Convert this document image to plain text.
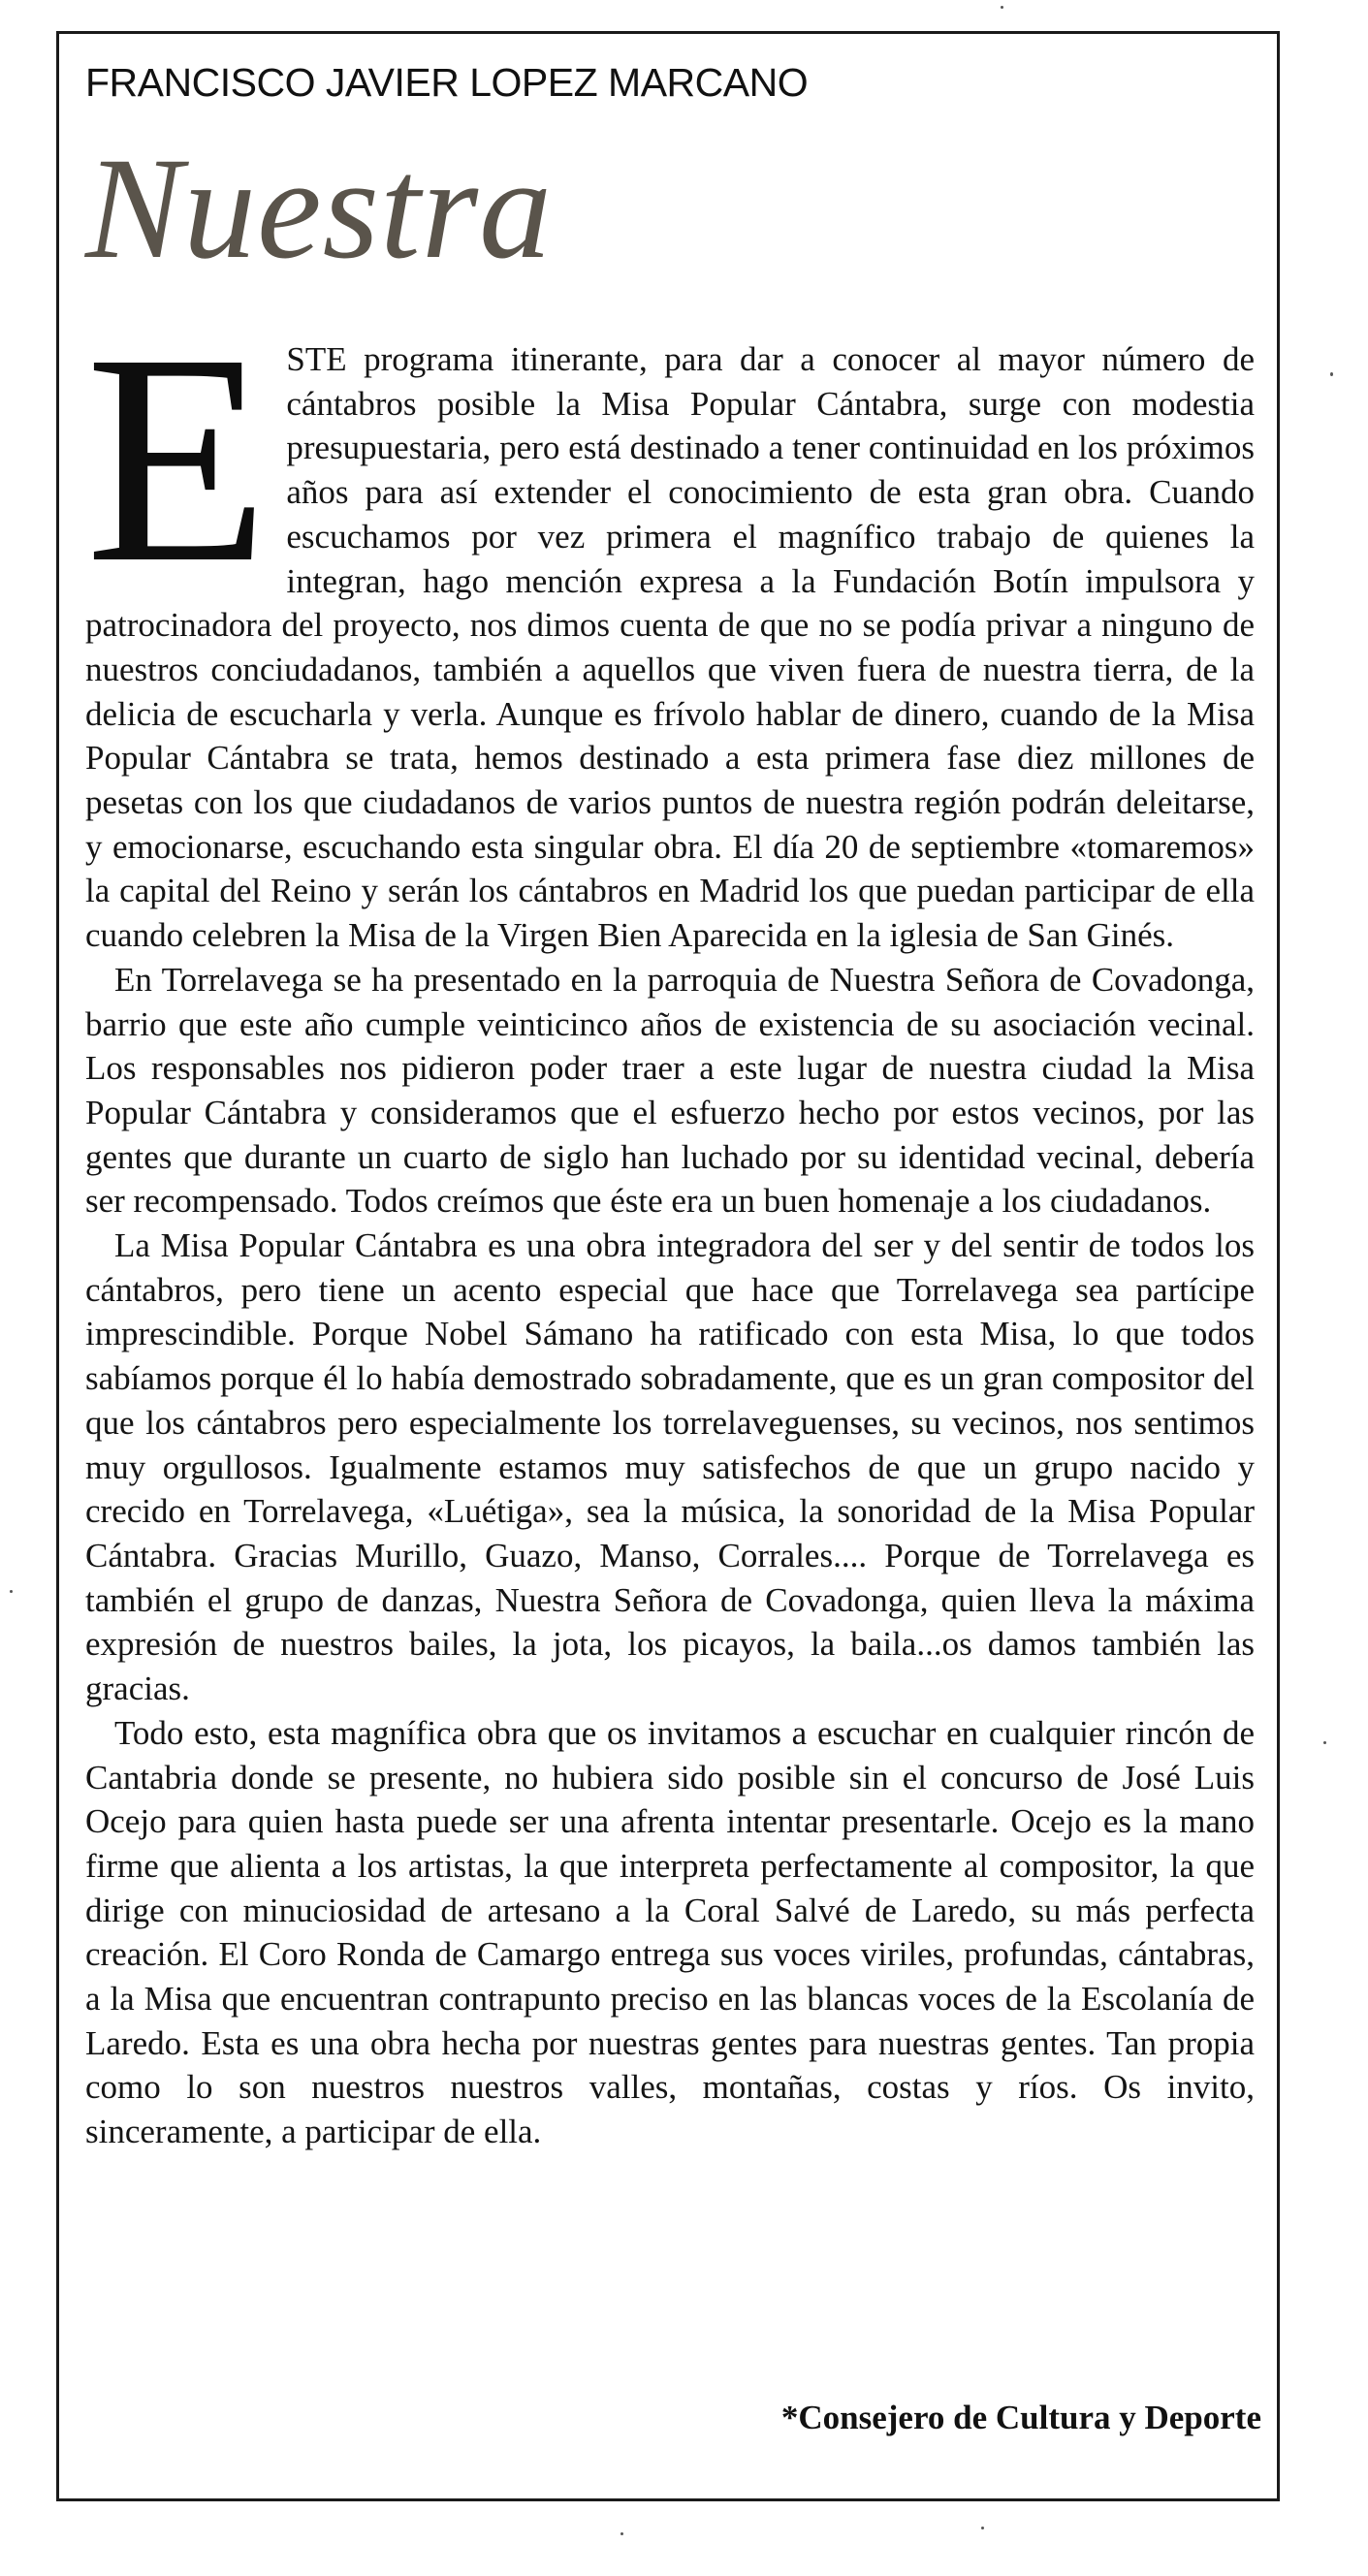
FRANCISCO JAVIER LOPEZ MARCANO
Nuestra

ESTE programa itinerante, para dar a conocer al mayor número de cántabros posible la Misa Popular Cántabra, surge con modestia presupuestaria, pero está destinado a tener continuidad en los próximos años para así extender el conocimiento de esta gran obra. Cuando escuchamos por vez primera el magnífico trabajo de quienes la integran, hago mención expresa a la Fundación Botín impulsora y patrocinadora del proyecto, nos dimos cuenta de que no se podía privar a ninguno de nuestros conciudadanos, también a aquellos que viven fuera de nuestra tierra, de la delicia de escucharla y verla. Aunque es frívolo hablar de dinero, cuando de la Misa Popular Cántabra se trata, hemos destinado a esta primera fase diez millones de pesetas con los que ciudadanos de varios puntos de nuestra región podrán deleitarse, y emocionarse, escuchando esta singular obra. El día 20 de septiembre «tomaremos» la capital del Reino y serán los cántabros en Madrid los que puedan participar de ella cuando celebren la Misa de la Virgen Bien Aparecida en la iglesia de San Ginés.

En Torrelavega se ha presentado en la parroquia de Nuestra Señora de Covadonga, barrio que este año cumple veinticinco años de existencia de su asociación vecinal. Los responsables nos pidieron poder traer a este lugar de nuestra ciudad la Misa Popular Cántabra y consideramos que el esfuerzo hecho por estos vecinos, por las gentes que durante un cuarto de siglo han luchado por su identidad vecinal, debería ser recompensado. Todos creímos que éste era un buen homenaje a los ciudadanos.

La Misa Popular Cántabra es una obra integradora del ser y del sentir de todos los cántabros, pero tiene un acento especial que hace que Torrelavega sea partícipe imprescindible. Porque Nobel Sámano ha ratificado con esta Misa, lo que todos sabíamos porque él lo había demostrado sobradamente, que es un gran compositor del que los cántabros pero especialmente los torrelaveguenses, su vecinos, nos sentimos muy orgullosos. Igualmente estamos muy satisfechos de que un grupo nacido y crecido en Torrelavega, «Luétiga», sea la música, la sonoridad de la Misa Popular Cántabra. Gracias Murillo, Guazo, Manso, Corrales.... Porque de Torrelavega es también el grupo de danzas, Nuestra Señora de Covadonga, quien lleva la máxima expresión de nuestros bailes, la jota, los picayos, la baila...os damos también las gracias.

Todo esto, esta magnífica obra que os invitamos a escuchar en cualquier rincón de Cantabria donde se presente, no hubiera sido posible sin el concurso de José Luis Ocejo para quien hasta puede ser una afrenta intentar presentarle. Ocejo es la mano firme que alienta a los artistas, la que interpreta perfectamente al compositor, la que dirige con minuciosidad de artesano a la Coral Salvé de Laredo, su más perfecta creación. El Coro Ronda de Camargo entrega sus voces viriles, profundas, cántabras, a la Misa que encuentran contrapunto preciso en las blancas voces de la Escolanía de Laredo. Esta es una obra hecha por nuestras gentes para nuestras gentes. Tan propia como lo son nuestros nuestros valles, montañas, costas y ríos. Os invito, sinceramente, a participar de ella.

*Consejero de Cultura y Deporte
